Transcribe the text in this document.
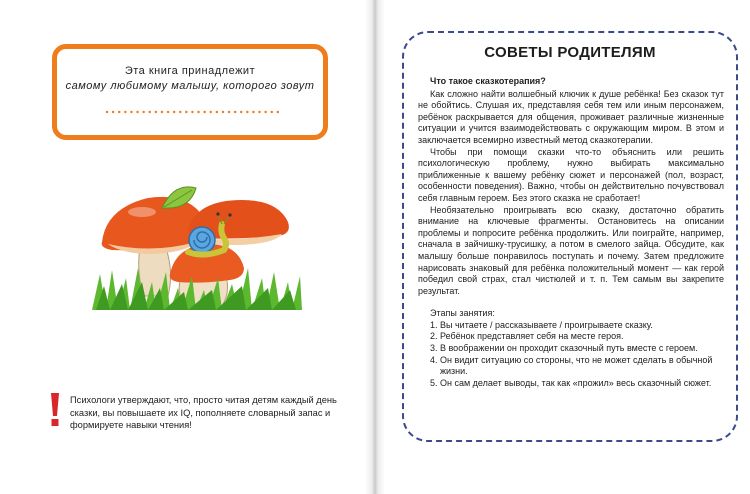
Эта книга принадлежит
самому любимому малышу, которого зовут
Психологи утверждают, что, просто читая детям каждый день сказки, вы повышаете их IQ, пополняете словарный запас и формируете навыки чтения!
СОВЕТЫ РОДИТЕЛЯМ
Что такое сказкотерапия?

Как сложно найти волшебный ключик к душе ребёнка! Без сказок тут не обойтись. Слушая их, представляя себя тем или иным персонажем, ребёнок раскрывается для общения, проживает различные жизненные ситуации и учится взаимодействовать с окружающим миром. В этом и заключается всемирно известный метод сказкотерапии.

Чтобы при помощи сказки что-то объяснить или решить психологическую проблему, нужно выбирать максимально приближенные к вашему ребёнку сюжет и персонажей (пол, возраст, особенности поведения). Важно, чтобы он действительно почувствовал себя главным героем. Без этого сказка не сработает!

Необязательно проигрывать всю сказку, достаточно обратить внимание на ключевые фрагменты. Остановитесь на описании проблемы и попросите ребёнка продолжить. Или поиграйте, например, сначала в зайчишку-трусишку, а потом в смелого зайца. Обсудите, как малышу больше понравилось поступать и почему. Затем предложите нарисовать знаковый для ребёнка положительный момент — как герой победил свой страх, стал чистюлей и т. п. Тем самым вы закрепите результат.

Этапы занятия:
1. Вы читаете / рассказываете / проигрываете сказку.
2. Ребёнок представляет себя на месте героя.
3. В воображении он проходит сказочный путь вместе с героем.
4. Он видит ситуацию со стороны, что не может сделать в обычной жизни.
5. Он сам делает выводы, так как «прожил» весь сказочный сюжет.
